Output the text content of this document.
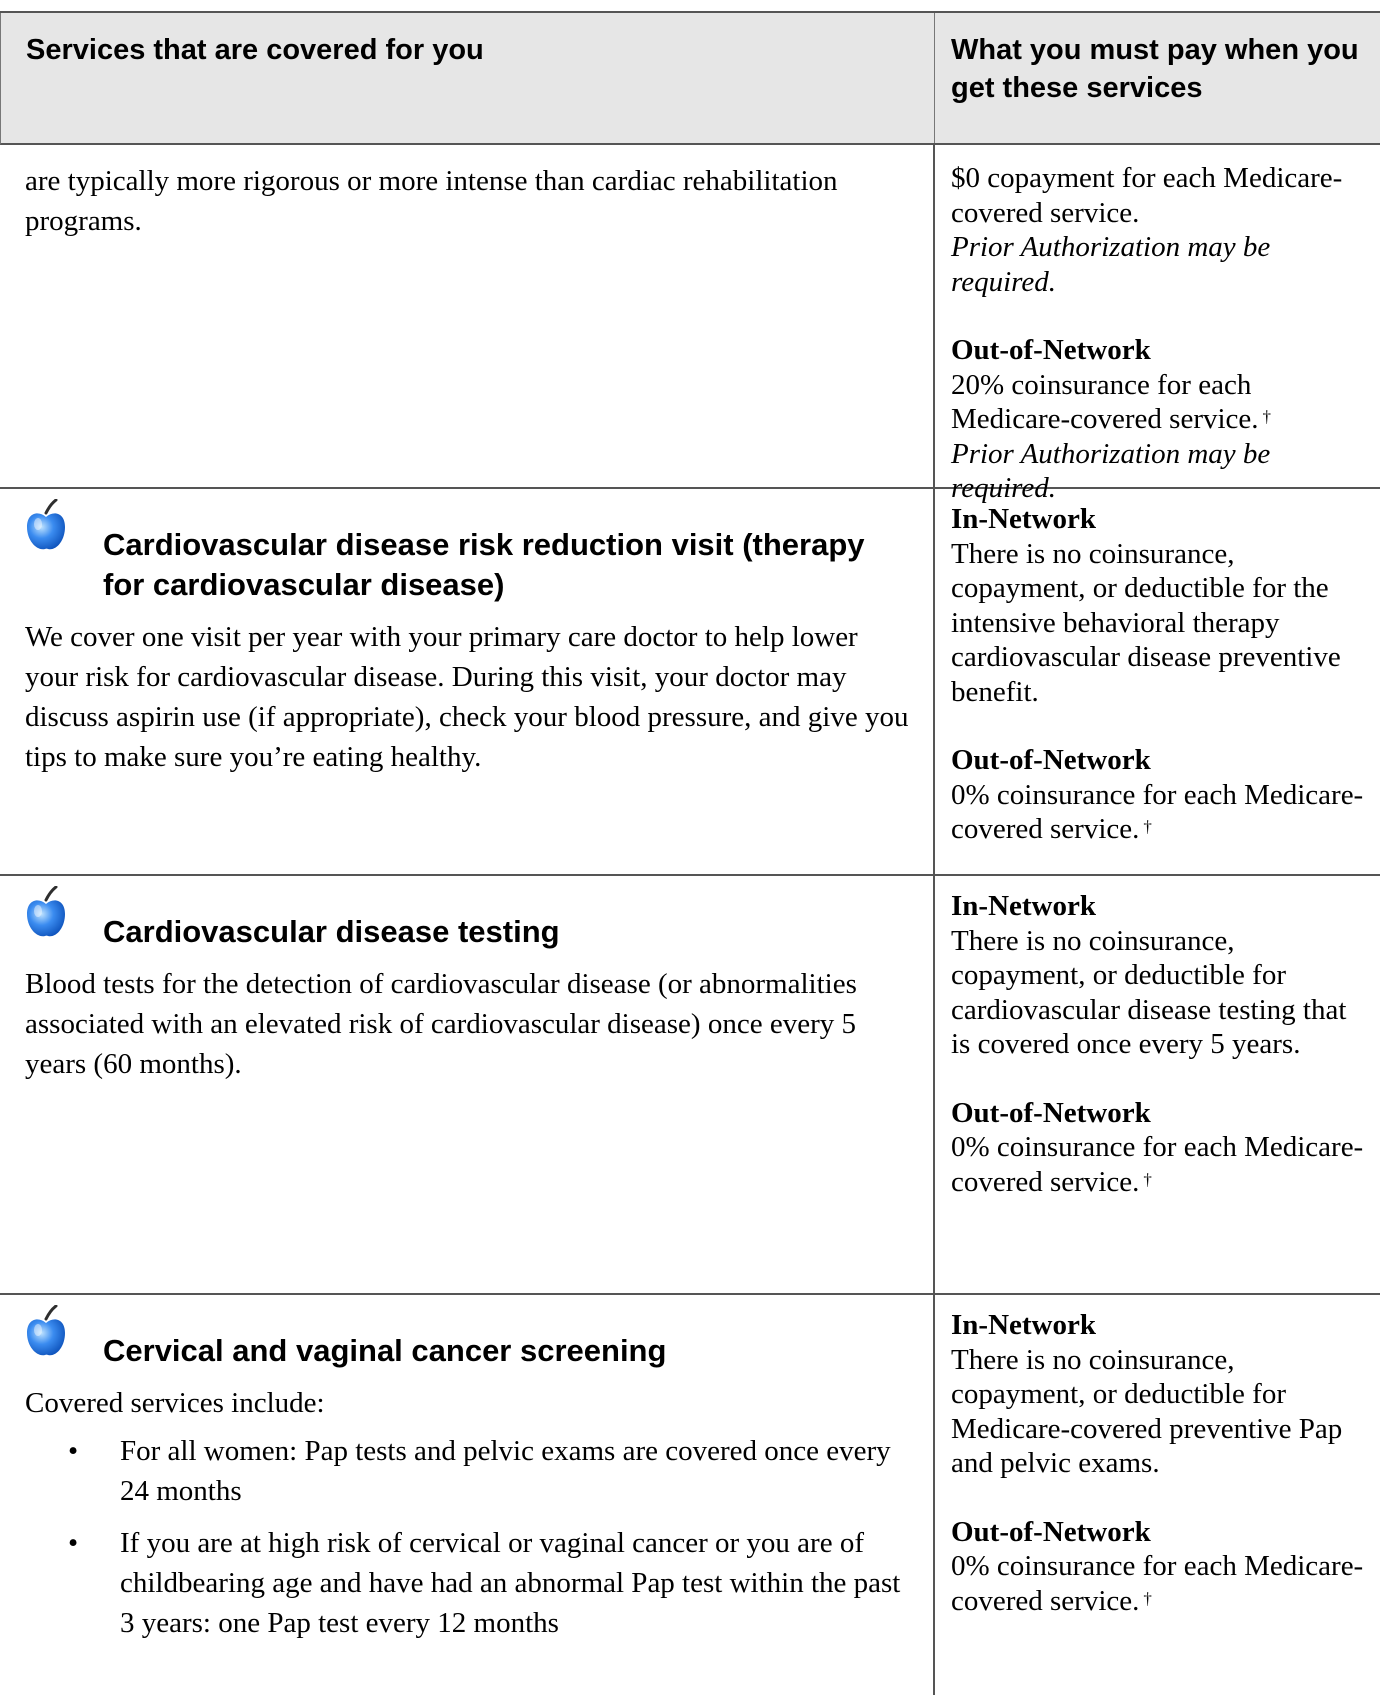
Services that are covered for you	What you must pay when you get these services

are typically more rigorous or more intense than cardiac rehabilitation programs.

$0 copayment for each Medicare-covered service.

Prior Authorization may be required.

Out-of-Network

20% coinsurance for each Medicare-covered service. †

Prior Authorization may be required.

Cardiovascular disease risk reduction visit (therapy for cardiovascular disease)

We cover one visit per year with your primary care doctor to help lower your risk for cardiovascular disease. During this visit, your doctor may discuss aspirin use (if appropriate), check your blood pressure, and give you tips to make sure you’re eating healthy.

In-Network

There is no coinsurance, copayment, or deductible for the intensive behavioral therapy cardiovascular disease preventive benefit.

Out-of-Network

0% coinsurance for each Medicare-covered service. †

Cardiovascular disease testing

Blood tests for the detection of cardiovascular disease (or abnormalities associated with an elevated risk of cardiovascular disease) once every 5 years (60 months).

In-Network

There is no coinsurance, copayment, or deductible for cardiovascular disease testing that is covered once every 5 years.

Out-of-Network

0% coinsurance for each Medicare-covered service. †

Cervical and vaginal cancer screening

Covered services include:

• For all women: Pap tests and pelvic exams are covered once every 24 months
• If you are at high risk of cervical or vaginal cancer or you are of childbearing age and have had an abnormal Pap test within the past 3 years: one Pap test every 12 months

In-Network

There is no coinsurance, copayment, or deductible for Medicare-covered preventive Pap and pelvic exams.

Out-of-Network

0% coinsurance for each Medicare-covered service. †
